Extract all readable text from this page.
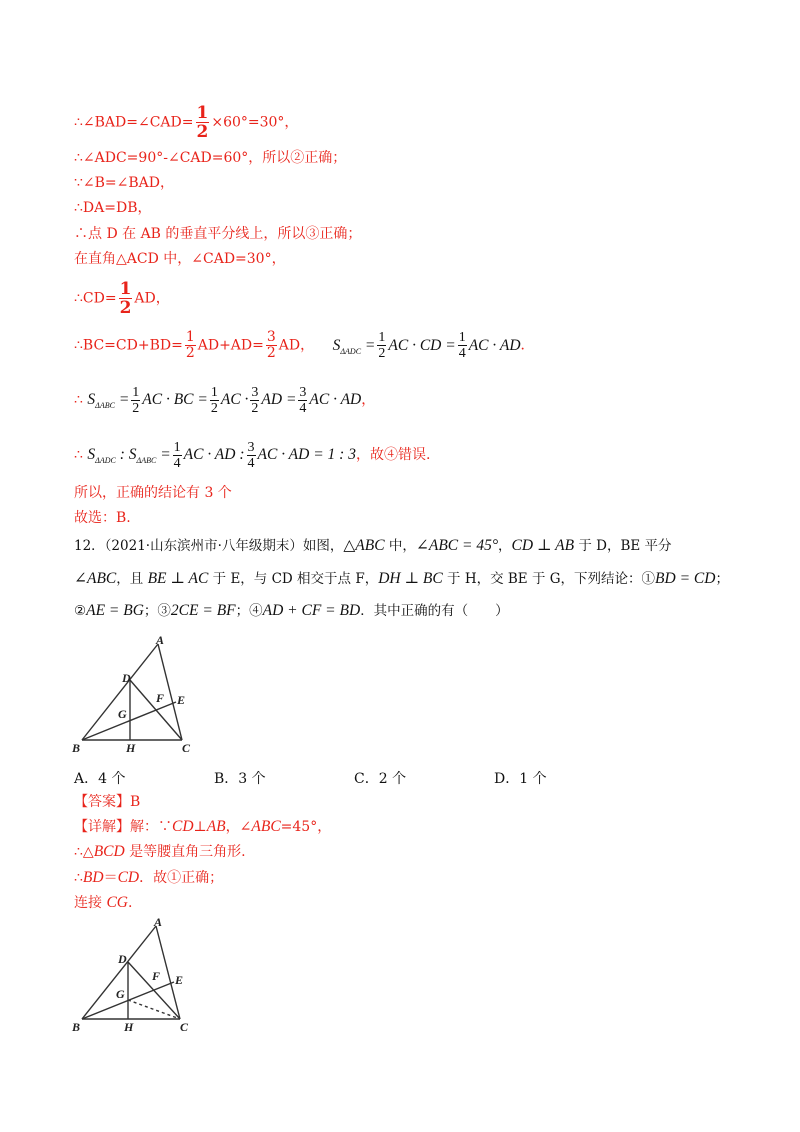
∴∠BAD=∠CAD= $\frac{1}{2} \times 60^\circ=30^\circ$，
∴∠ADC=90°-∠CAD=60°，所以②正确；
∵∠B=∠BAD，
∴DA=DB，
∴点 D 在 AB 的垂直平分线上，所以③正确；
在直角△ACD 中，∠CAD=30°，
∴CD= $\frac{1}{2}$ AD，
∴BC=CD+BD= $\frac{1}{2} AD+AD= \frac{3}{2}$ AD， $S_{\Delta ADC} = \frac{1}{2}$ AC · CD = $\frac{1}{4}$ AC · AD．
∴ $S_{\Delta ABC} = \frac{1}{2}$ AC · BC = $\frac{1}{2}$ AC · $\frac{3}{2}$ AD = $\frac{3}{4}$ AC · AD，
∴ $S_{\Delta ADC}$ : $S_{\Delta ABC} = \frac{1}{4}$ AC · AD : $\frac{3}{4}$ AC · AD = 1 : 3，故④错误.
所以，正确的结论有 3 个
故选：B.
12．（2021·山东滨州市·八年级期末）如图，△ABC 中，∠ABC = 45°，CD ⊥ AB 于 D，BE 平分
∠ABC，且 BE ⊥ AC 于 E，与 CD 相交于点 F，DH ⊥ BC 于 H，交 BE 于 G，下列结论：①BD = CD；
②AE = BG；③2CE = BF；④AD + CF = BD．其中正确的有（　　）
A
B	C
D
E
F
G
H
A．4 个	B．3 个	C．2 个	D．1 个
【答案】B
【详解】解：∵CD⊥AB，∠ABC=45°，
∴△BCD 是等腰直角三角形.
∴BD＝CD．故①正确；
连接 CG.
A
B	C
D
E
F
G
H
